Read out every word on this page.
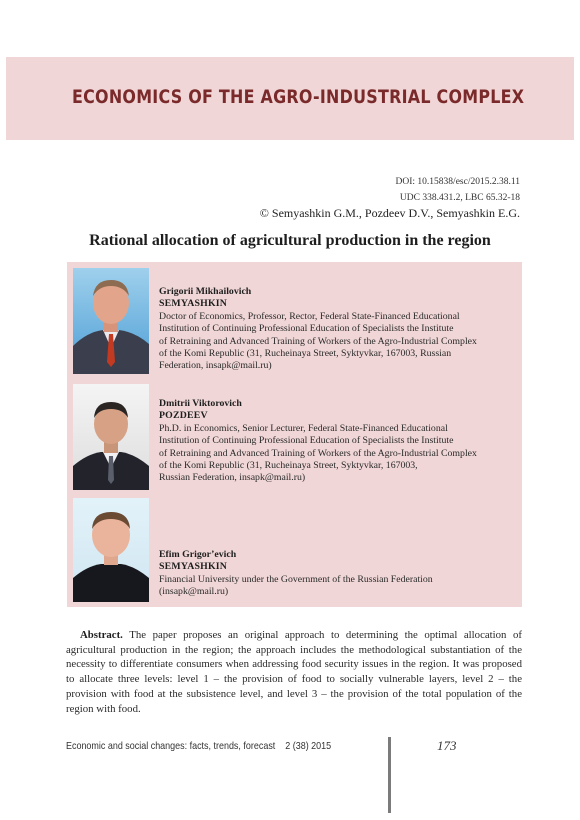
ECONOMICS OF THE AGRO-INDUSTRIAL COMPLEX
DOI: 10.15838/esc/2015.2.38.11
UDC 338.431.2, LBC 65.32-18
© Semyashkin G.M., Pozdeev D.V., Semyashkin E.G.
Rational allocation of agricultural production in the region
Grigorii Mikhailovich
SEMYASHKIN
Doctor of Economics, Professor, Rector, Federal State-Financed Educational
Institution of Continuing Professional Education of Specialists the Institute
of Retraining and Advanced Training of Workers of the Agro-Industrial Complex
of the Komi Republic (31, Rucheinaya Street, Syktyvkar, 167003, Russian
Federation, insapk@mail.ru)
Dmitrii Viktorovich
POZDEEV
Ph.D. in Economics, Senior Lecturer, Federal State-Financed Educational
Institution of Continuing Professional Education of Specialists the Institute
of Retraining and Advanced Training of Workers of the Agro-Industrial Complex
of the Komi Republic (31, Rucheinaya Street, Syktyvkar, 167003,
Russian Federation, insapk@mail.ru)
Efim Grigor’evich
SEMYASHKIN
Financial University under the Government of the Russian Federation
(insapk@mail.ru)
Abstract. The paper proposes an original approach to determining the optimal allocation of agricultural production in the region; the approach includes the methodological substantiation of the necessity to differentiate consumers when addressing food security issues in the region. It was proposed to allocate three levels: level 1 – the provision of food to socially vulnerable layers, level 2 – the provision with food at the subsistence level, and level 3 – the provision of the total population of the region with food.
Economic and social changes: facts, trends, forecast 2 (38) 2015	173
